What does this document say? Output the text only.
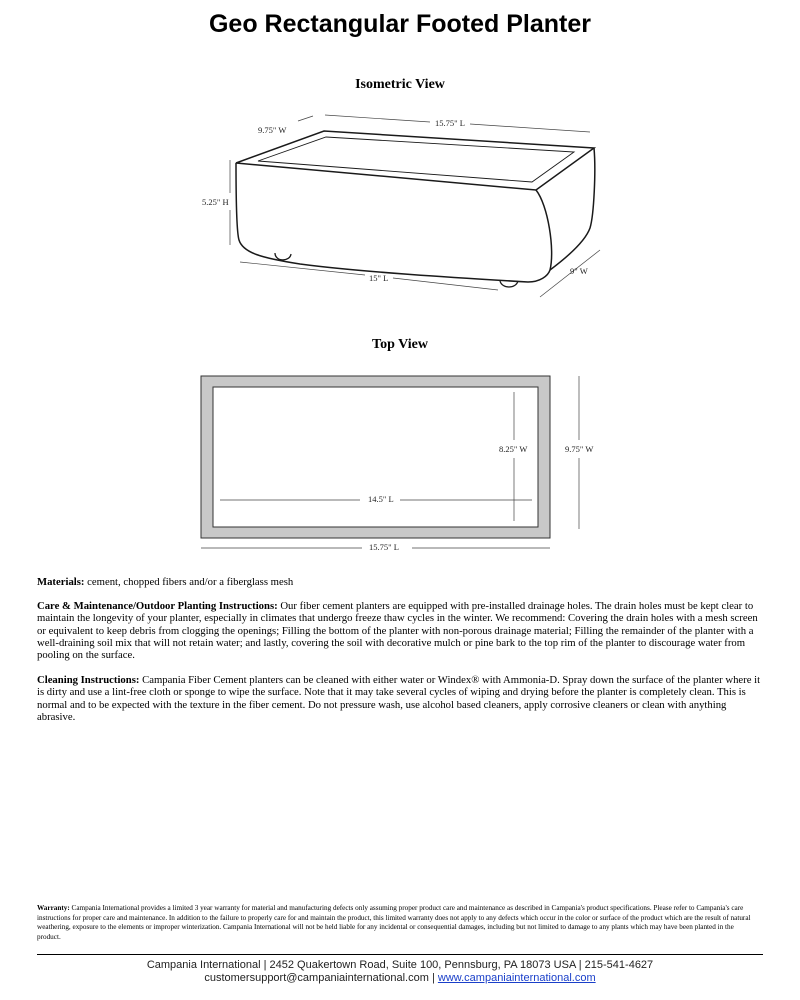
Geo Rectangular Footed Planter
Isometric View
9.75" W
15.75" L
5.25" H
15" L
9" W
8.25" W	9.75" W
14.5" L
15.75" L
Top View

Materials: cement, chopped fibers and/or a fiberglass mesh

Care & Maintenance/Outdoor Planting Instructions: Our fiber cement planters are equipped with pre-installed drainage holes. The drain holes must be kept clear to maintain the longevity of your planter, especially in climates that undergo freeze thaw cycles in the winter. We recommend: Covering the drain holes with a mesh screen or equivalent to keep debris from clogging the openings; Filling the bottom of the planter with non-porous drainage material; Filling the remainder of the planter with a well-draining soil mix that will not retain water; and lastly, covering the soil with decorative mulch or pine bark to the top rim of the planter to discourage water from pooling on the surface.

Cleaning Instructions: Campania Fiber Cement planters can be cleaned with either water or Windex® with Ammonia-D. Spray down the surface of the planter where it is dirty and use a lint-free cloth or sponge to wipe the surface. Note that it may take several cycles of wiping and drying before the planter is completely clean. This is normal and to be expected with the texture in the fiber cement. Do not pressure wash, use alcohol based cleaners, apply corrosive cleaners or clean with anything abrasive.

Warranty: Campania International provides a limited 3 year warranty for material and manufacturing defects only assuming proper product care and maintenance as described in Campania's product specifications. Please refer to Campania's care instructions for proper care and maintenance. In addition to the failure to properly care for and maintain the product, this limited warranty does not apply to any defects which occur in the color or surface of the product which are the result of natural weathering, exposure to the elements or improper winterization. Campania International will not be held liable for any incidental or consequential damages, including but not limited to damage to any plants which may have been planted in the product.

Campania International | 2452 Quakertown Road, Suite 100, Pennsburg, PA 18073 USA | 215-541-4627
customersupport@campaniainternational.com | www.campaniainternational.com
